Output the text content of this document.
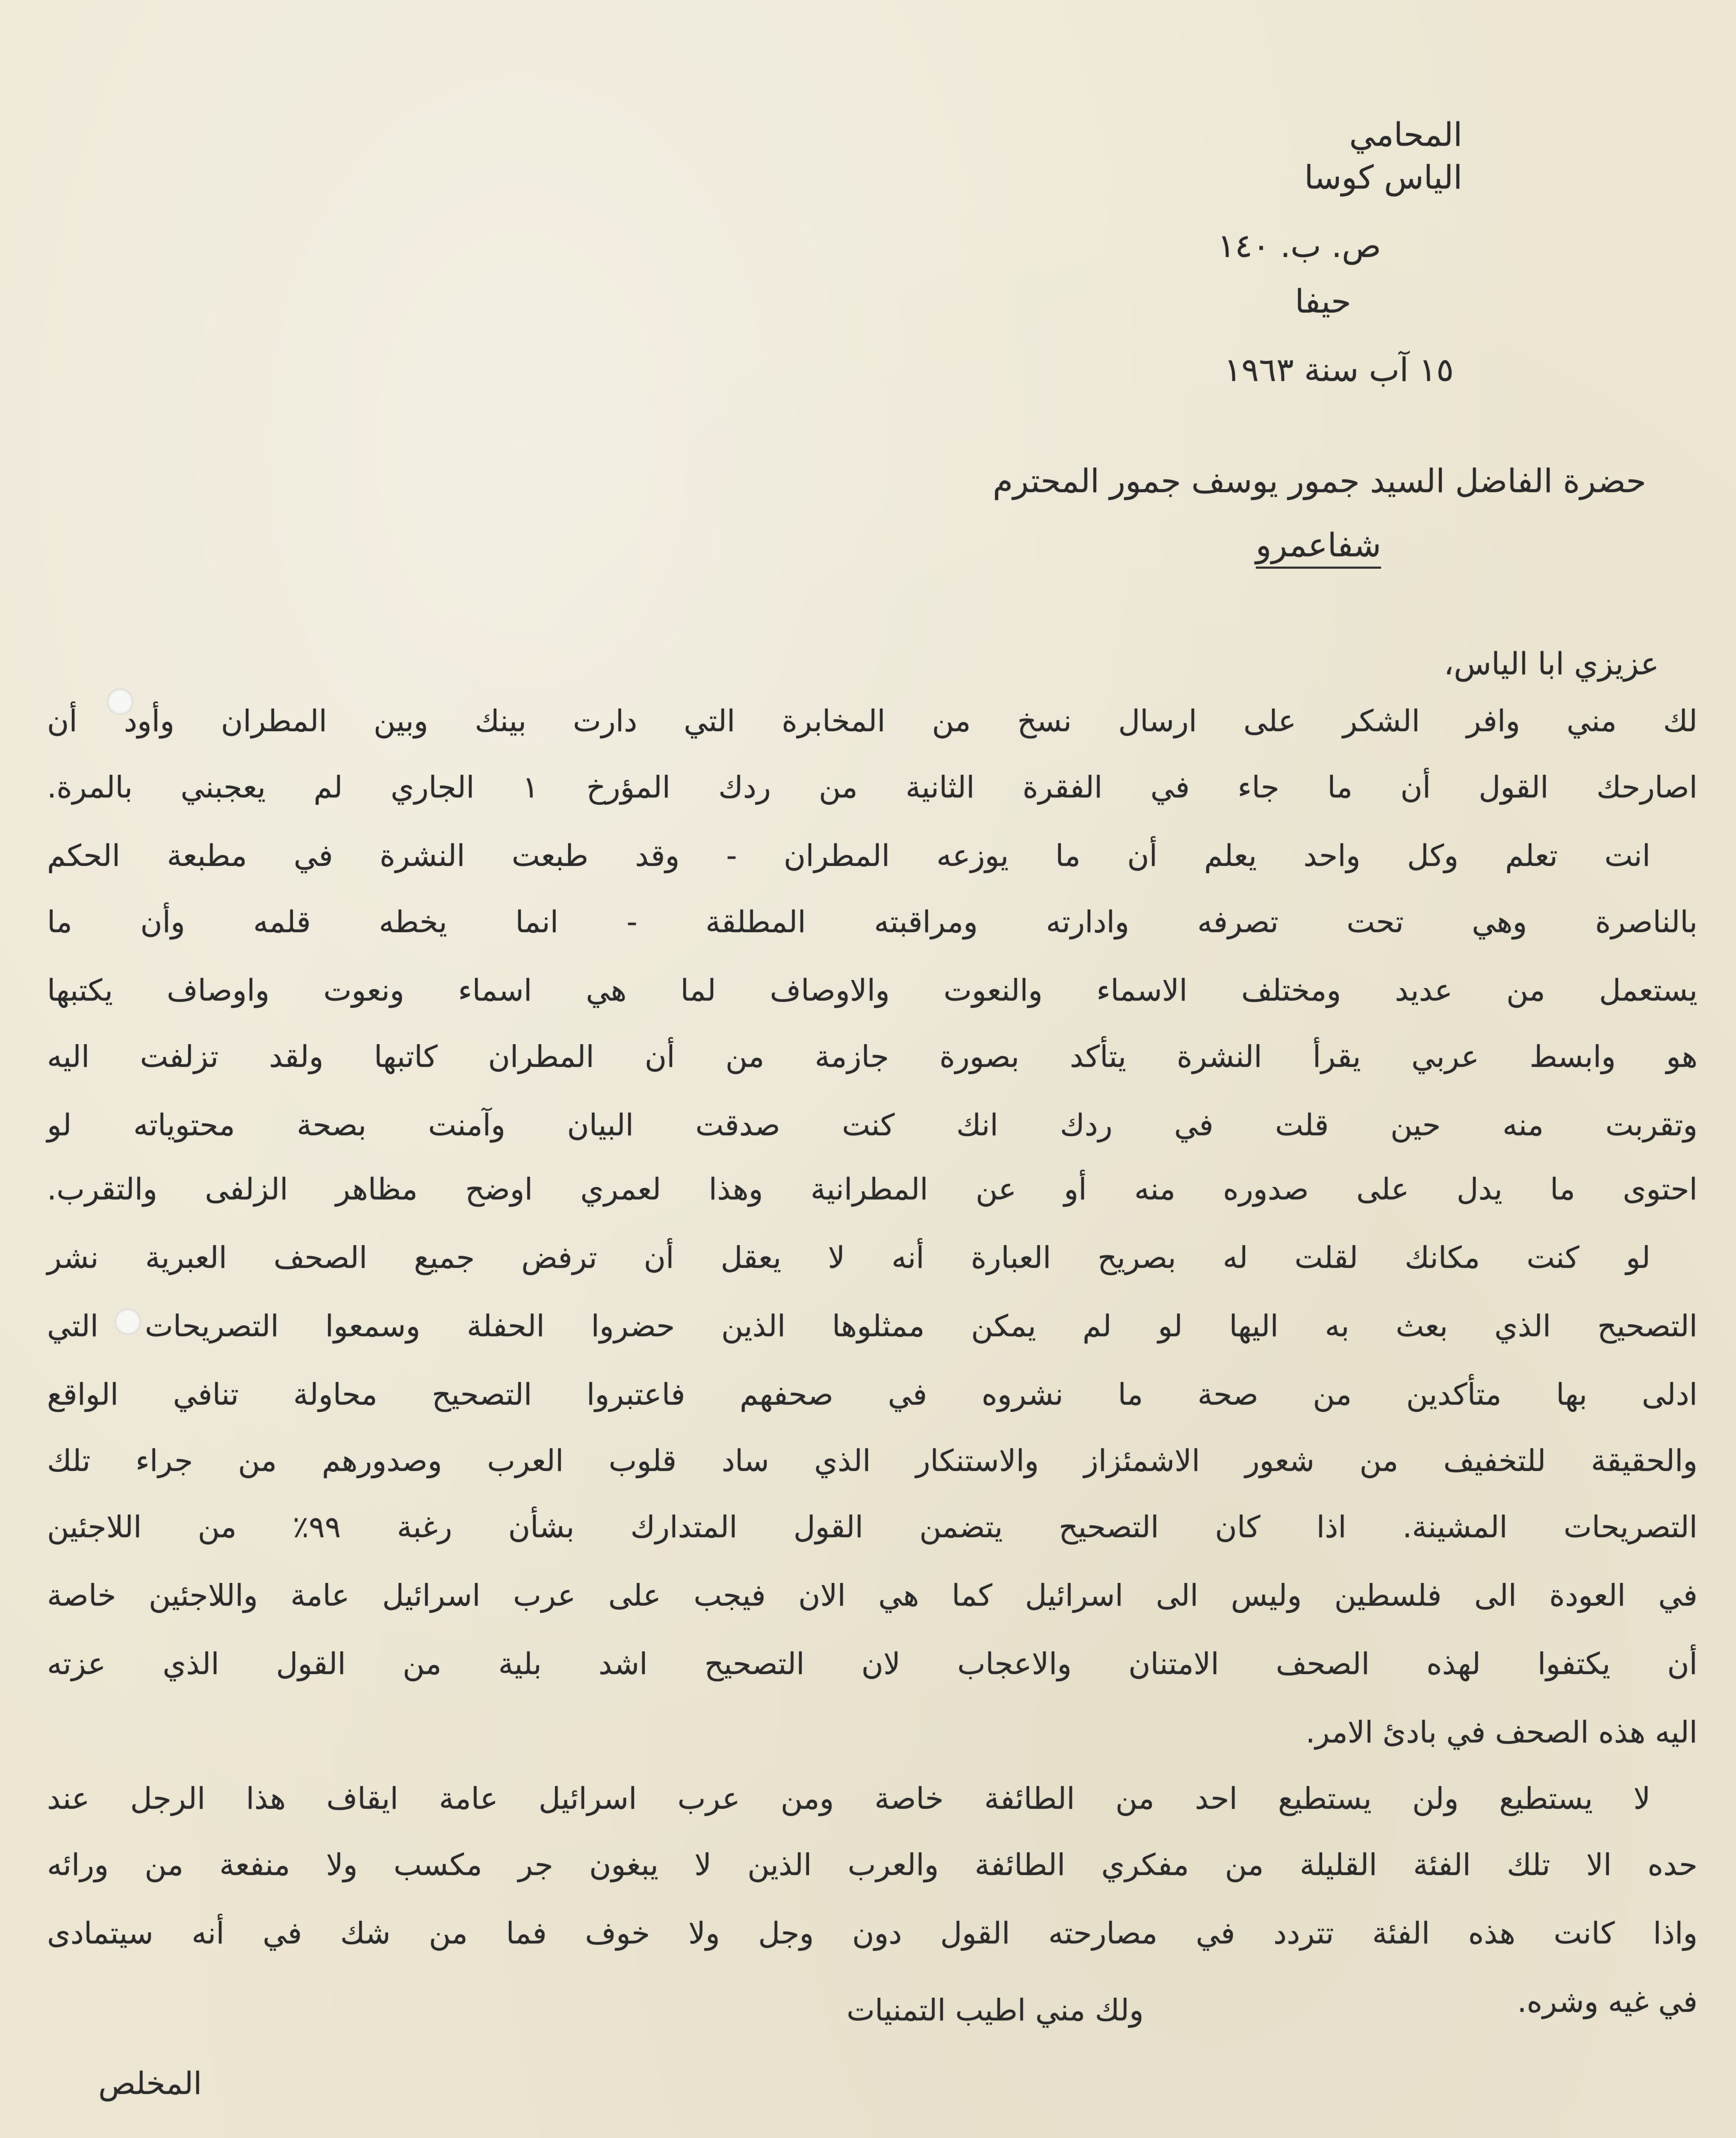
المحامي
الياس كوسا
ص. ب. ١٤٠
حيفا
١٥ آب سنة ١٩٦٣
حضرة الفاضل السيد جمور يوسف جمور المحترم
شفاعمرو
عزيزي ابا الياس،
لك مني وافر الشكر على ارسال نسخ من المخابرة التي دارت بينك وبين المطران وأود أن
اصارحك القول أن ما جاء في الفقرة الثانية من ردك المؤرخ ١ الجاري لم يعجبني بالمرة.
انت تعلم وكل واحد يعلم أن ما يوزعه المطران - وقد طبعت النشرة في مطبعة الحكم
بالناصرة وهي تحت تصرفه وادارته ومراقبته المطلقة - انما يخطه قلمه وأن ما
يستعمل من عديد ومختلف الاسماء والنعوت والاوصاف لما هي اسماء ونعوت واوصاف يكتبها
هو وابسط عربي يقرأ النشرة يتأكد بصورة جازمة من أن المطران كاتبها ولقد تزلفت اليه
وتقربت منه حين قلت في ردك انك كنت صدقت البيان وآمنت بصحة محتوياته لو
احتوى ما يدل على صدوره منه أو عن المطرانية وهذا لعمري اوضح مظاهر الزلفى والتقرب.
لو كنت مكانك لقلت له بصريح العبارة أنه لا يعقل أن ترفض جميع الصحف العبرية نشر
التصحيح الذي بعث به اليها لو لم يمكن ممثلوها الذين حضروا الحفلة وسمعوا التصريحات التي
ادلى بها متأكدين من صحة ما نشروه في صحفهم فاعتبروا التصحيح محاولة تنافي الواقع
والحقيقة للتخفيف من شعور الاشمئزاز والاستنكار الذي ساد قلوب العرب وصدورهم من جراء تلك
التصريحات المشينة. اذا كان التصحيح يتضمن القول المتدارك بشأن رغبة ٩٩٪ من اللاجئين
في العودة الى فلسطين وليس الى اسرائيل كما هي الان فيجب على عرب اسرائيل عامة واللاجئين خاصة
أن يكتفوا لهذه الصحف الامتنان والاعجاب لان التصحيح اشد بلية من القول الذي عزته
اليه هذه الصحف في بادئ الامر.
لا يستطيع ولن يستطيع احد من الطائفة خاصة ومن عرب اسرائيل عامة ايقاف هذا الرجل عند
حده الا تلك الفئة القليلة من مفكري الطائفة والعرب الذين لا يبغون جر مكسب ولا منفعة من ورائه
واذا كانت هذه الفئة تتردد في مصارحته القول دون وجل ولا خوف فما من شك في أنه سيتمادى
في غيه وشره.
ولك مني اطيب التمنيات
المخلص
